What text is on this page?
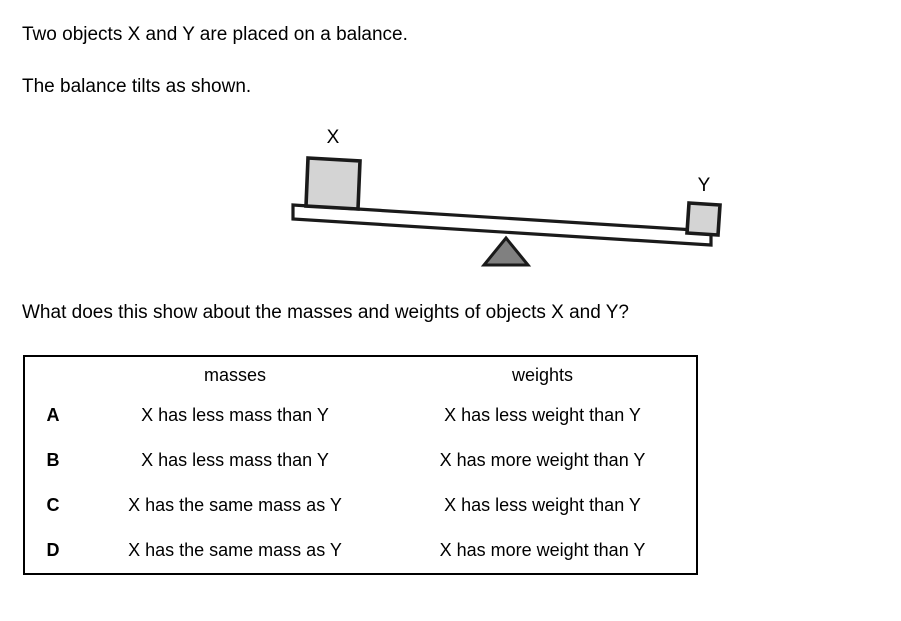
Two objects X and Y are placed on a balance.
The balance tilts as shown.
X
Y
What does this show about the masses and weights of objects X and Y?
	masses	weights
A	X has less mass than Y	X has less weight than Y
B	X has less mass than Y	X has more weight than Y
C	X has the same mass as Y	X has less weight than Y
D	X has the same mass as Y	X has more weight than Y
